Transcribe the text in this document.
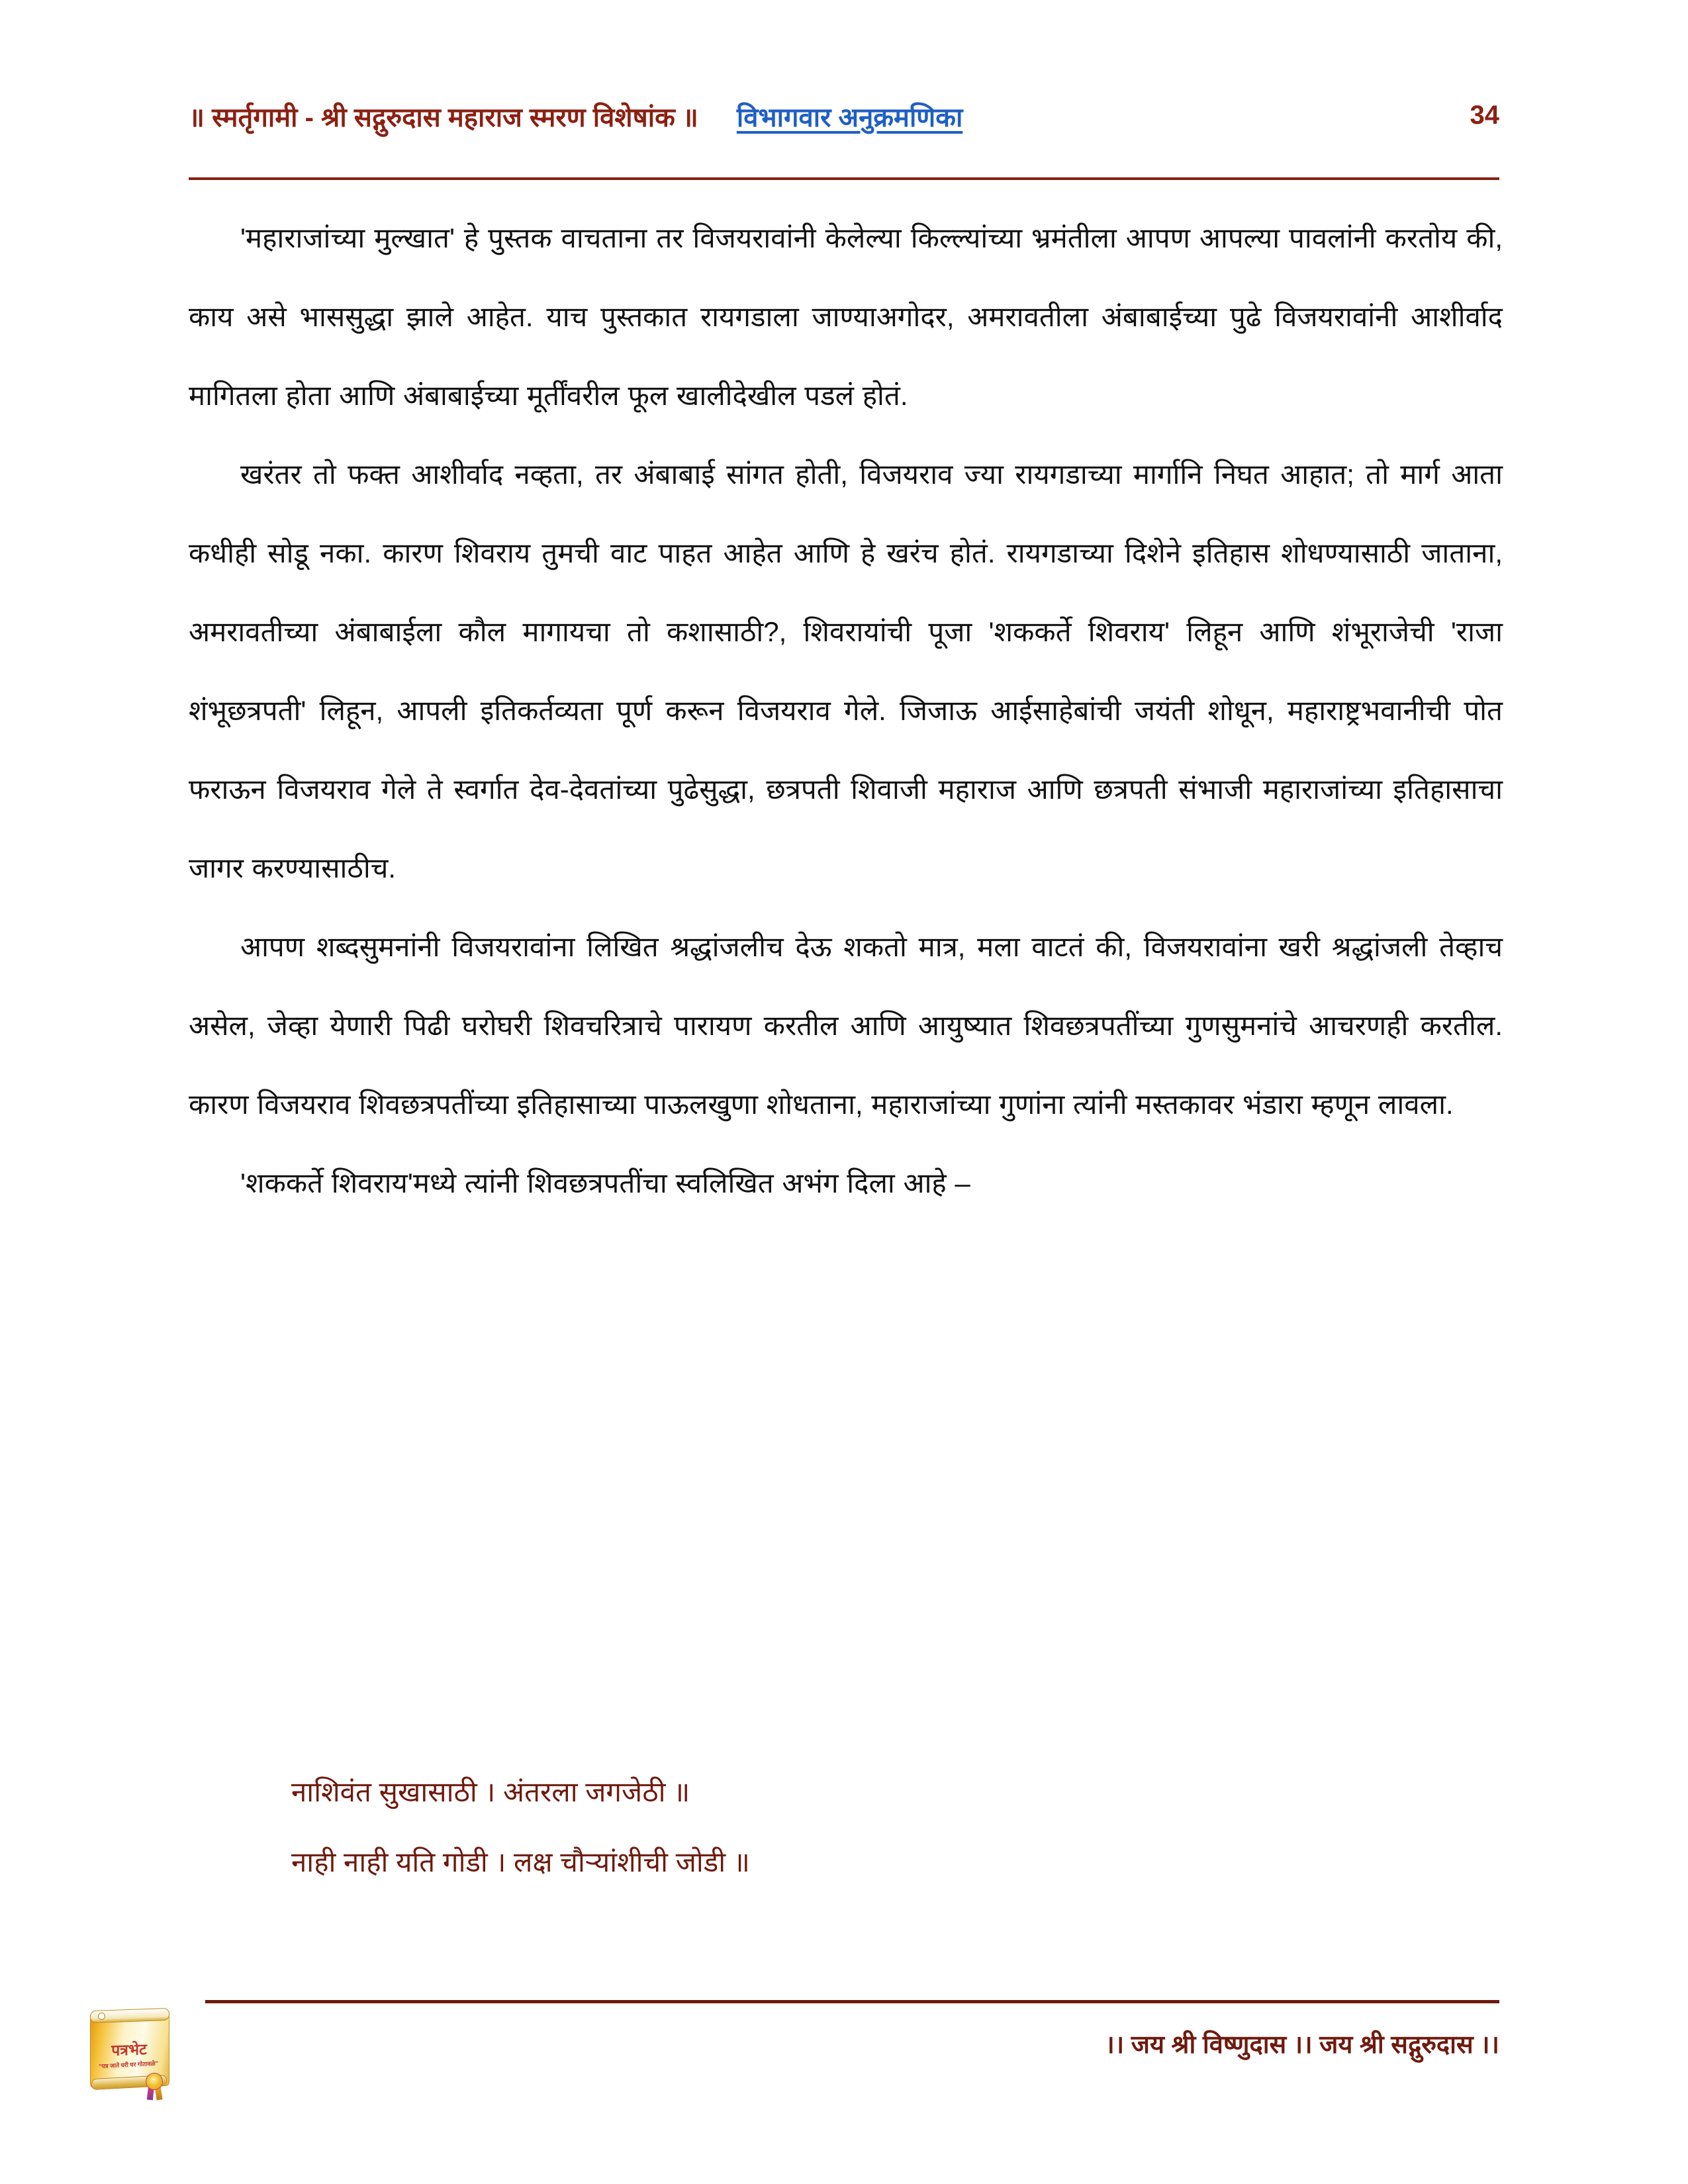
॥ स्मर्तृगामी - श्री सद्गुरुदास महाराज स्मरण विशेषांक ॥ विभागवार अनुक्रमणिका	34

'महाराजांच्या मुल्खात' हे पुस्तक वाचताना तर विजयरावांनी केलेल्या किल्ल्यांच्या भ्रमंतीला आपण आपल्या पावलांनी करतोय की, काय असे भाससुद्धा झाले आहेत. याच पुस्तकात रायगडाला जाण्याअगोदर, अमरावतीला अंबाबाईच्या पुढे विजयरावांनी आशीर्वाद मागितला होता आणि अंबाबाईच्या मूर्तींवरील फूल खालीदेखील पडलं होतं.

खरंतर तो फक्त आशीर्वाद नव्हता, तर अंबाबाई सांगत होती, विजयराव ज्या रायगडाच्या मार्गानि निघत आहात; तो मार्ग आता कधीही सोडू नका. कारण शिवराय तुमची वाट पाहत आहेत आणि हे खरंच होतं. रायगडाच्या दिशेने इतिहास शोधण्यासाठी जाताना, अमरावतीच्या अंबाबाईला कौल मागायचा तो कशासाठी?, शिवरायांची पूजा 'शककर्ते शिवराय' लिहून आणि शंभूराजेची 'राजा शंभूछत्रपती' लिहून, आपली इतिकर्तव्यता पूर्ण करून विजयराव गेले. जिजाऊ आईसाहेबांची जयंती शोधून, महाराष्ट्रभवानीची पोत फराऊन विजयराव गेले ते स्वर्गात देव-देवतांच्या पुढेसुद्धा, छत्रपती शिवाजी महाराज आणि छत्रपती संभाजी महाराजांच्या इतिहासाचा जागर करण्यासाठीच.

आपण शब्दसुमनांनी विजयरावांना लिखित श्रद्धांजलीच देऊ शकतो मात्र, मला वाटतं की, विजयरावांना खरी श्रद्धांजली तेव्हाच असेल, जेव्हा येणारी पिढी घरोघरी शिवचरित्राचे पारायण करतील आणि आयुष्यात शिवछत्रपतींच्या गुणसुमनांचे आचरणही करतील. कारण विजयराव शिवछत्रपतींच्या इतिहासाच्या पाऊलखुणा शोधताना, महाराजांच्या गुणांना त्यांनी मस्तकावर भंडारा म्हणून लावला.

'शककर्ते शिवराय'मध्ये त्यांनी शिवछत्रपतींचा स्वलिखित अभंग दिला आहे –

नाशिवंत सुखासाठी । अंतरला जगजेठी ॥
नाही नाही यति गोडी । लक्ष चौऱ्यांशीची जोडी ॥
।। जय श्री विष्णुदास ।। जय श्री सद्गुरुदास ।।
पत्रभेट
"पत्र जाते घरी घर गोतावळे"
